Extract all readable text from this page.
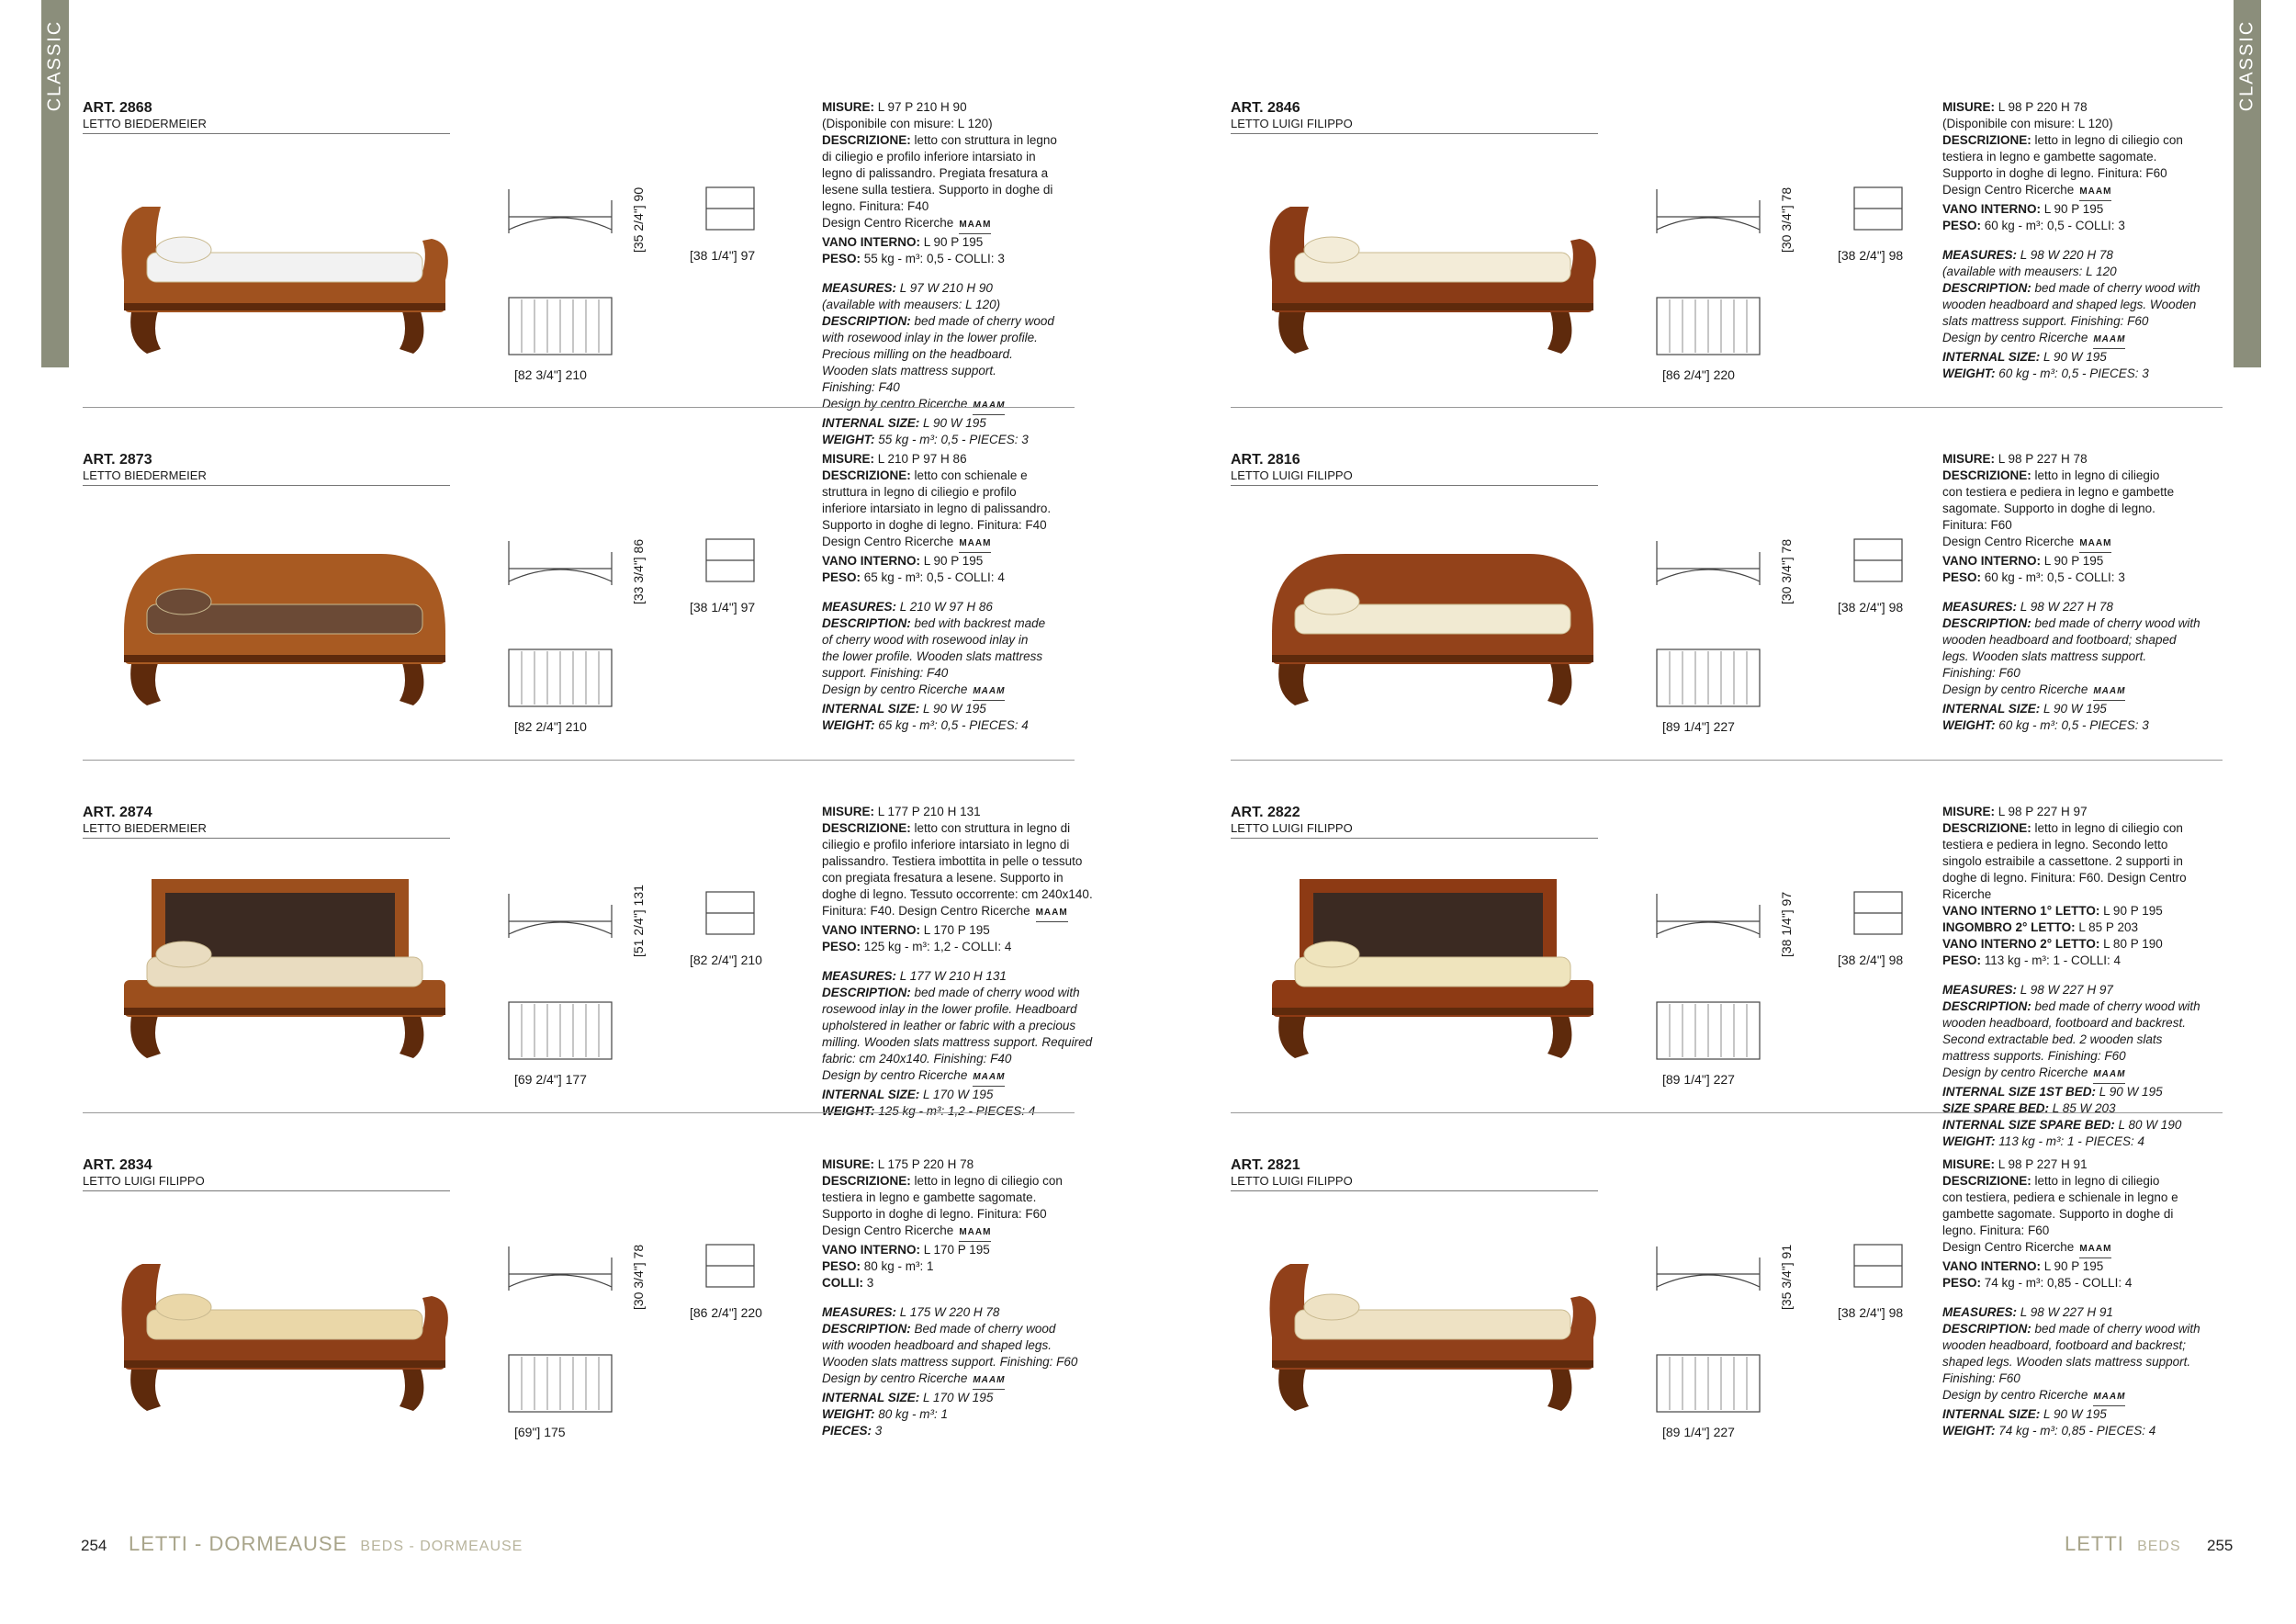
CLASSIC	CLASSIC
ART. 2868
LETTO BIEDERMEIER
[35 2/4"] 90
[38 1/4"] 97
[82 3/4"] 210

MISURE: L 97 P 210 H 90

(Disponibile con misure: L 120)

DESCRIZIONE: letto con struttura in legno

di ciliegio e profilo inferiore intarsiato in

legno di palissandro. Pregiata fresatura a

lesene sulla testiera. Supporto in doghe di

legno. Finitura: F40

Design Centro Ricerche MAAM

VANO INTERNO: L 90 P 195

PESO: 55 kg - m³: 0,5 - COLLI: 3

MEASURES: L 97 W 210 H 90

(available with meausers: L 120)

DESCRIPTION: bed made of cherry wood

with rosewood inlay in the lower profile.

Precious milling on the headboard.

Wooden slats mattress support.

Finishing: F40

Design by centro Ricerche MAAM

INTERNAL SIZE: L 90 W 195

WEIGHT: 55 kg - m³: 0,5 - PIECES: 3

ART. 2873
LETTO BIEDERMEIER
[33 3/4"] 86
[38 1/4"] 97
[82 2/4"] 210

MISURE: L 210 P 97 H 86

DESCRIZIONE: letto con schienale e

struttura in legno di ciliegio e profilo

inferiore intarsiato in legno di palissandro.

Supporto in doghe di legno. Finitura: F40

Design Centro Ricerche MAAM

VANO INTERNO: L 90 P 195

PESO: 65 kg - m³: 0,5 - COLLI: 4

MEASURES: L 210 W 97 H 86

DESCRIPTION: bed with backrest made

of cherry wood with rosewood inlay in

the lower profile. Wooden slats mattress

support. Finishing: F40

Design by centro Ricerche MAAM

INTERNAL SIZE: L 90 W 195

WEIGHT: 65 kg - m³: 0,5 - PIECES: 4

ART. 2874
LETTO BIEDERMEIER
[51 2/4"] 131
[82 2/4"] 210
[69 2/4"] 177

MISURE: L 177 P 210 H 131

DESCRIZIONE: letto con struttura in legno di

ciliegio e profilo inferiore intarsiato in legno di

palissandro. Testiera imbottita in pelle o tessuto

con pregiata fresatura a lesene. Supporto in

doghe di legno. Tessuto occorrente: cm 240x140.

Finitura: F40. Design Centro Ricerche MAAM

VANO INTERNO: L 170 P 195

PESO: 125 kg - m³: 1,2 - COLLI: 4

MEASURES: L 177 W 210 H 131

DESCRIPTION: bed made of cherry wood with

rosewood inlay in the lower profile. Headboard

upholstered in leather or fabric with a precious

milling. Wooden slats mattress support. Required

fabric: cm 240x140. Finishing: F40

Design by centro Ricerche MAAM

INTERNAL SIZE: L 170 W 195

WEIGHT: 125 kg - m³: 1,2 - PIECES: 4

ART. 2834
LETTO LUIGI FILIPPO
[30 3/4"] 78
[86 2/4"] 220
[69"] 175

MISURE: L 175 P 220 H 78

DESCRIZIONE: letto in legno di ciliegio con

testiera in legno e gambette sagomate.

Supporto in doghe di legno. Finitura: F60

Design Centro Ricerche MAAM

VANO INTERNO: L 170 P 195

PESO: 80 kg - m³: 1

COLLI: 3

MEASURES: L 175 W 220 H 78

DESCRIPTION: Bed made of cherry wood

with wooden headboard and shaped legs.

Wooden slats mattress support. Finishing: F60

Design by centro Ricerche MAAM

INTERNAL SIZE: L 170 W 195

WEIGHT: 80 kg - m³: 1

PIECES: 3

ART. 2846
LETTO LUIGI FILIPPO
[30 3/4"] 78
[38 2/4"] 98
[86 2/4"] 220

MISURE: L 98 P 220 H 78

(Disponibile con misure: L 120)

DESCRIZIONE: letto in legno di ciliegio con

testiera in legno e gambette sagomate.

Supporto in doghe di legno. Finitura: F60

Design Centro Ricerche MAAM

VANO INTERNO: L 90 P 195

PESO: 60 kg - m³: 0,5 - COLLI: 3

MEASURES: L 98 W 220 H 78

(available with meausers: L 120

DESCRIPTION: bed made of cherry wood with

wooden headboard and shaped legs. Wooden

slats mattress support. Finishing: F60

Design by centro Ricerche MAAM

INTERNAL SIZE: L 90 W 195

WEIGHT: 60 kg - m³: 0,5 - PIECES: 3

ART. 2816
LETTO LUIGI FILIPPO
[30 3/4"] 78
[38 2/4"] 98
[89 1/4"] 227

MISURE: L 98 P 227 H 78

DESCRIZIONE: letto in legno di ciliegio

con testiera e pediera in legno e gambette

sagomate. Supporto in doghe di legno.

Finitura: F60

Design Centro Ricerche MAAM

VANO INTERNO: L 90 P 195

PESO: 60 kg - m³: 0,5 - COLLI: 3

MEASURES: L 98 W 227 H 78

DESCRIPTION: bed made of cherry wood with

wooden headboard and footboard; shaped

legs. Wooden slats mattress support.

Finishing: F60

Design by centro Ricerche MAAM

INTERNAL SIZE: L 90 W 195

WEIGHT: 60 kg - m³: 0,5 - PIECES: 3

ART. 2822
LETTO LUIGI FILIPPO
[38 1/4"] 97
[38 2/4"] 98
[89 1/4"] 227

MISURE: L 98 P 227 H 97

DESCRIZIONE: letto in legno di ciliegio con

testiera e pediera in legno. Secondo letto

singolo estraibile a cassettone. 2 supporti in

doghe di legno. Finitura: F60. Design Centro

Ricerche

VANO INTERNO 1° LETTO: L 90 P 195

INGOMBRO 2° LETTO: L 85 P 203

VANO INTERNO 2° LETTO: L 80 P 190

PESO: 113 kg - m³: 1 - COLLI: 4

MEASURES: L 98 W 227 H 97

DESCRIPTION: bed made of cherry wood with

wooden headboard, footboard and backrest.

Second extractable bed. 2 wooden slats

mattress supports. Finishing: F60

Design by centro Ricerche MAAM

INTERNAL SIZE 1ST BED: L 90 W 195

SIZE SPARE BED: L 85 W 203

INTERNAL SIZE SPARE BED: L 80 W 190

WEIGHT: 113 kg - m³: 1 - PIECES: 4

ART. 2821
LETTO LUIGI FILIPPO
[35 3/4"] 91
[38 2/4"] 98
[89 1/4"] 227

MISURE: L 98 P 227 H 91

DESCRIZIONE: letto in legno di ciliegio

con testiera, pediera e schienale in legno e

gambette sagomate. Supporto in doghe di

legno. Finitura: F60

Design Centro Ricerche MAAM

VANO INTERNO: L 90 P 195

PESO: 74 kg - m³: 0,85 - COLLI: 4

MEASURES: L 98 W 227 H 91

DESCRIPTION: bed made of cherry wood with

wooden headboard, footboard and backrest;

shaped legs. Wooden slats mattress support.

Finishing: F60

Design by centro Ricerche MAAM

INTERNAL SIZE: L 90 W 195

WEIGHT: 74 kg - m³: 0,85 - PIECES: 4

254 LETTI - DORMEAUSE BEDS - DORMEAUSE	LETTI BEDS 255
